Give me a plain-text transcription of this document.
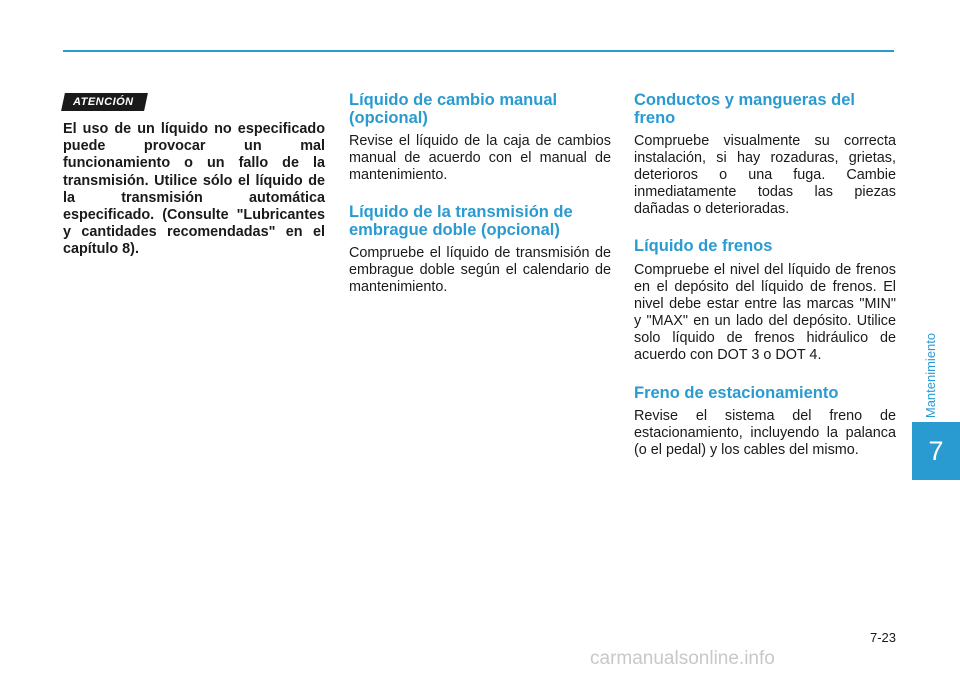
Mantenimiento
7
ATENCIÓN

El uso de un líquido no especificado puede provocar un mal funcionamiento o un fallo de la transmisión. Utilice sólo el líquido de la transmisión automática especificado. (Consulte "Lubricantes y cantidades recomendadas" en el capítulo 8).

Líquido de cambio manual (opcional)

Revise el líquido de la caja de cambios manual de acuerdo con el manual de mantenimiento.

Líquido de la transmisión de embrague doble (opcional)

Compruebe el líquido de transmisión de embrague doble según el calendario de mantenimiento.

Conductos y mangueras del freno

Compruebe visualmente su correcta instalación, si hay rozaduras, grietas, deterioros o una fuga. Cambie inmediatamente todas las piezas dañadas o deterioradas.

Líquido de frenos

Compruebe el nivel del líquido de frenos en el depósito del líquido de frenos. El nivel debe estar entre las marcas "MIN" y "MAX" en un lado del depósito. Utilice solo líquido de frenos hidráulico de acuerdo con DOT 3 o DOT 4.

Freno de estacionamiento

Revise el sistema del freno de estacionamiento, incluyendo la palanca (o el pedal) y los cables del mismo.

7-23
carmanualsonline.info
